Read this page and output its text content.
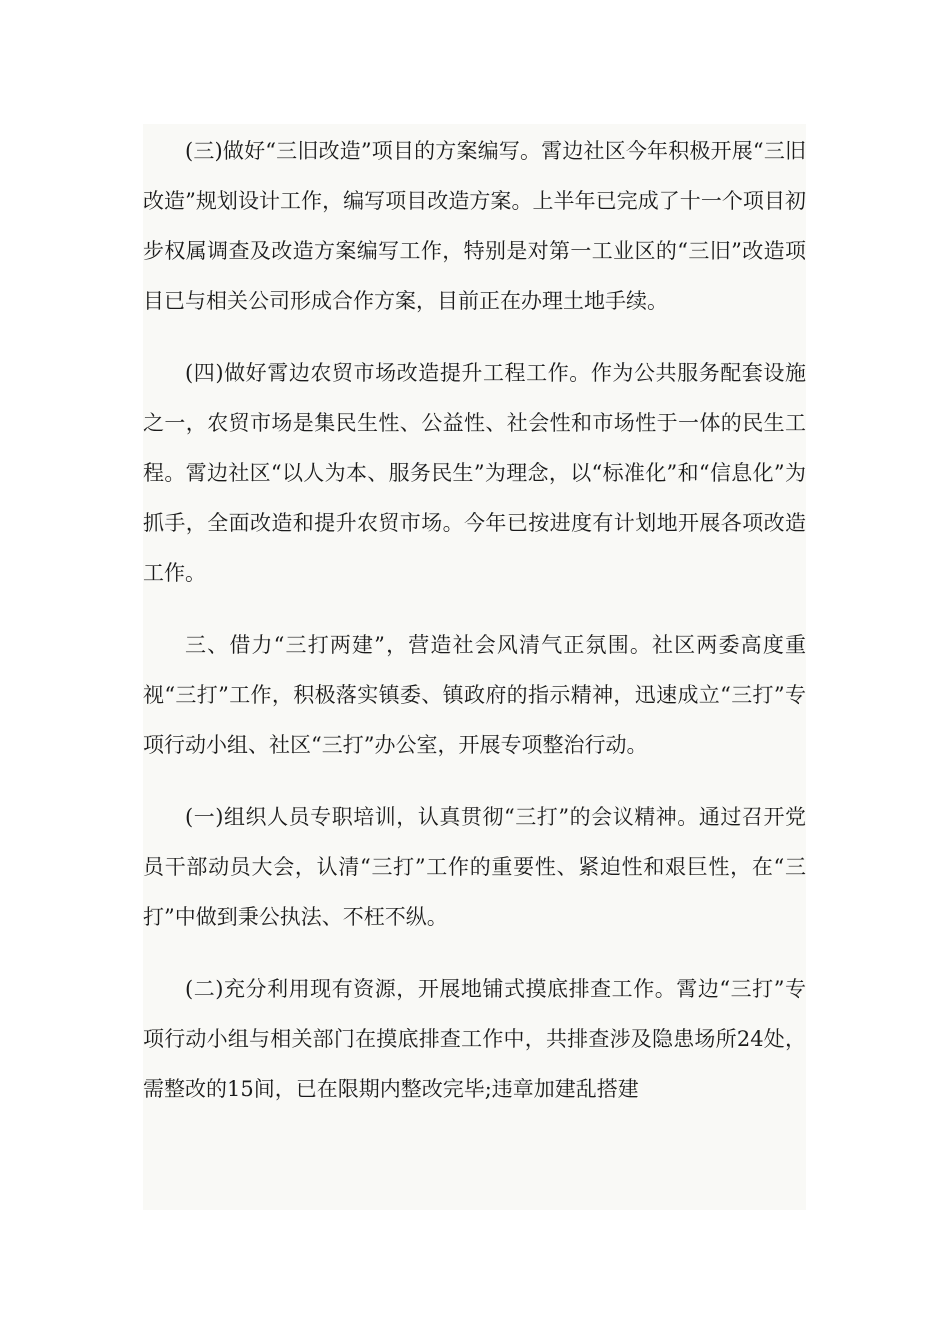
(三)做好“三旧改造”项目的方案编写。霄边社区今年积极开展“三旧改造”规划设计工作，编写项目改造方案。上半年已完成了十一个项目初步权属调查及改造方案编写工作，特别是对第一工业区的“三旧”改造项目已与相关公司形成合作方案，目前正在办理土地手续。

(四)做好霄边农贸市场改造提升工程工作。作为公共服务配套设施之一，农贸市场是集民生性、公益性、社会性和市场性于一体的民生工程。霄边社区“以人为本、服务民生”为理念，以“标准化”和“信息化”为抓手，全面改造和提升农贸市场。今年已按进度有计划地开展各项改造工作。

三、借力“三打两建”，营造社会风清气正氛围。社区两委高度重视“三打”工作，积极落实镇委、镇政府的指示精神，迅速成立“三打”专项行动小组、社区“三打”办公室，开展专项整治行动。

(一)组织人员专职培训，认真贯彻“三打”的会议精神。通过召开党员干部动员大会，认清“三打”工作的重要性、紧迫性和艰巨性，在“三打”中做到秉公执法、不枉不纵。

(二)充分利用现有资源，开展地铺式摸底排查工作。霄边“三打”专项行动小组与相关部门在摸底排查工作中，共排查涉及隐患场所24处，需整改的15间，已在限期内整改完毕;违章加建乱搭建
